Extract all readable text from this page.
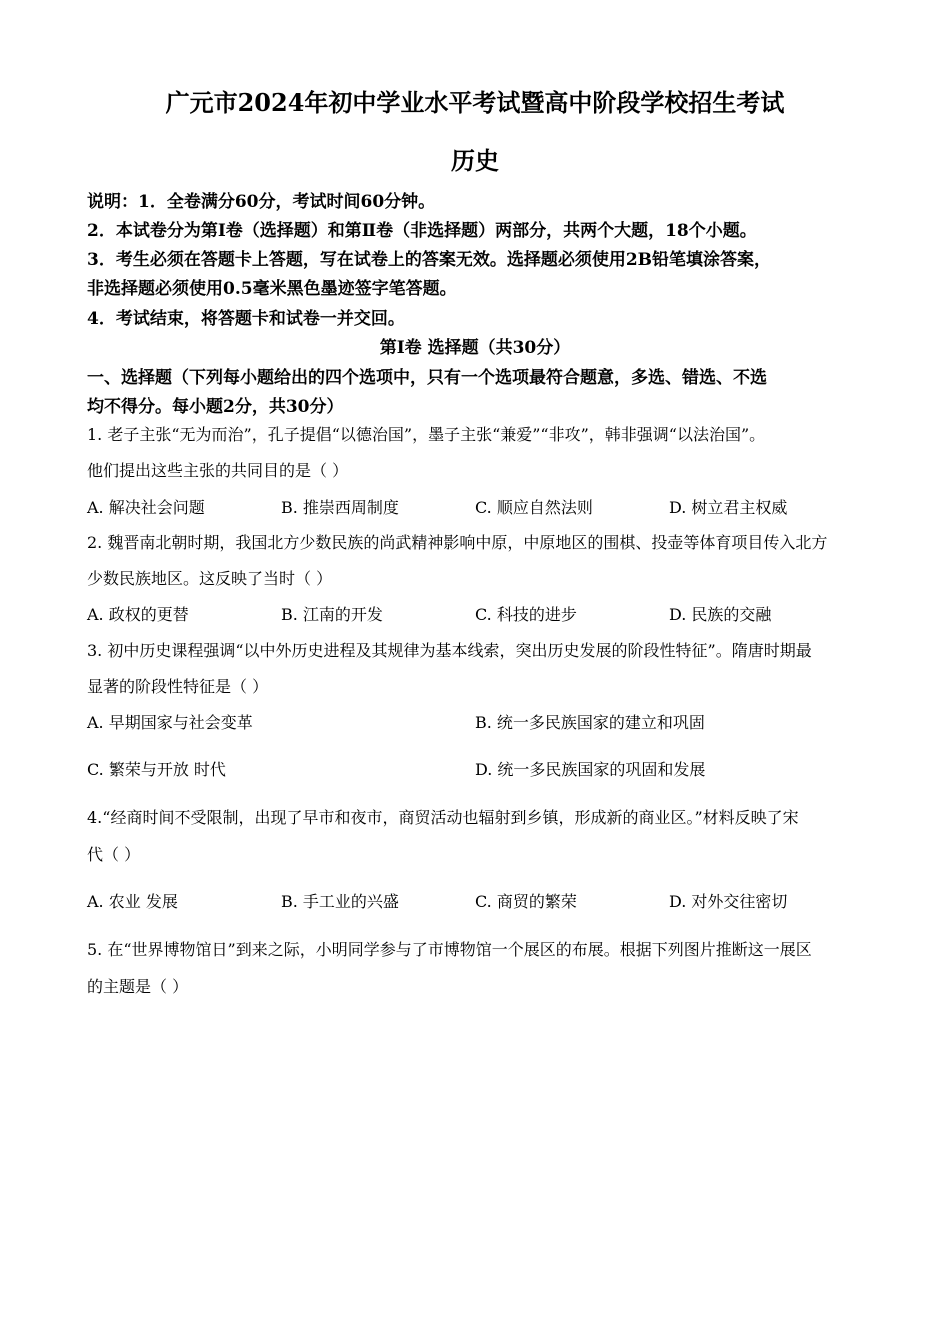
广元市2024年初中学业水平考试暨高中阶段学校招生考试
历史
说明：1．全卷满分60分，考试时间60分钟。
2．本试卷分为第Ⅰ卷（选择题）和第Ⅱ卷（非选择题）两部分，共两个大题，18个小题。
3．考生必须在答题卡上答题，写在试卷上的答案无效。选择题必须使用2B铅笔填涂答案，
非选择题必须使用0.5毫米黑色墨迹签字笔答题。
4．考试结束，将答题卡和试卷一并交回。
第Ⅰ卷 选择题（共30分）
一、选择题（下列每小题给出的四个选项中，只有一个选项最符合题意，多选、错选、不选
均不得分。每小题2分，共30分）
1. 老子主张“无为而治”，孔子提倡“以德治国”，墨子主张“兼爱”“非攻”，韩非强调“以法治国”。
他们提出这些主张的共同目的是（ ）
A. 解决社会问题	B. 推崇西周制度	C. 顺应自然法则	D. 树立君主权威
2. 魏晋南北朝时期，我国北方少数民族的尚武精神影响中原，中原地区的围棋、投壶等体育项目传入北方
少数民族地区。这反映了当时（ ）
A. 政权的更替	B. 江南的开发	C. 科技的进步	D. 民族的交融
3. 初中历史课程强调“以中外历史进程及其规律为基本线索，突出历史发展的阶段性特征”。隋唐时期最
显著的阶段性特征是（ ）
A. 早期国家与社会变革	B. 统一多民族国家的建立和巩固
C. 繁荣与开放 时代	D. 统一多民族国家的巩固和发展
4.“经商时间不受限制，出现了早市和夜市，商贸活动也辐射到乡镇，形成新的商业区。”材料反映了宋
代（ ）
A. 农业 发展	B. 手工业的兴盛	C. 商贸的繁荣	D. 对外交往密切
5. 在“世界博物馆日”到来之际，小明同学参与了市博物馆一个展区的布展。根据下列图片推断这一展区
的主题是（ ）
